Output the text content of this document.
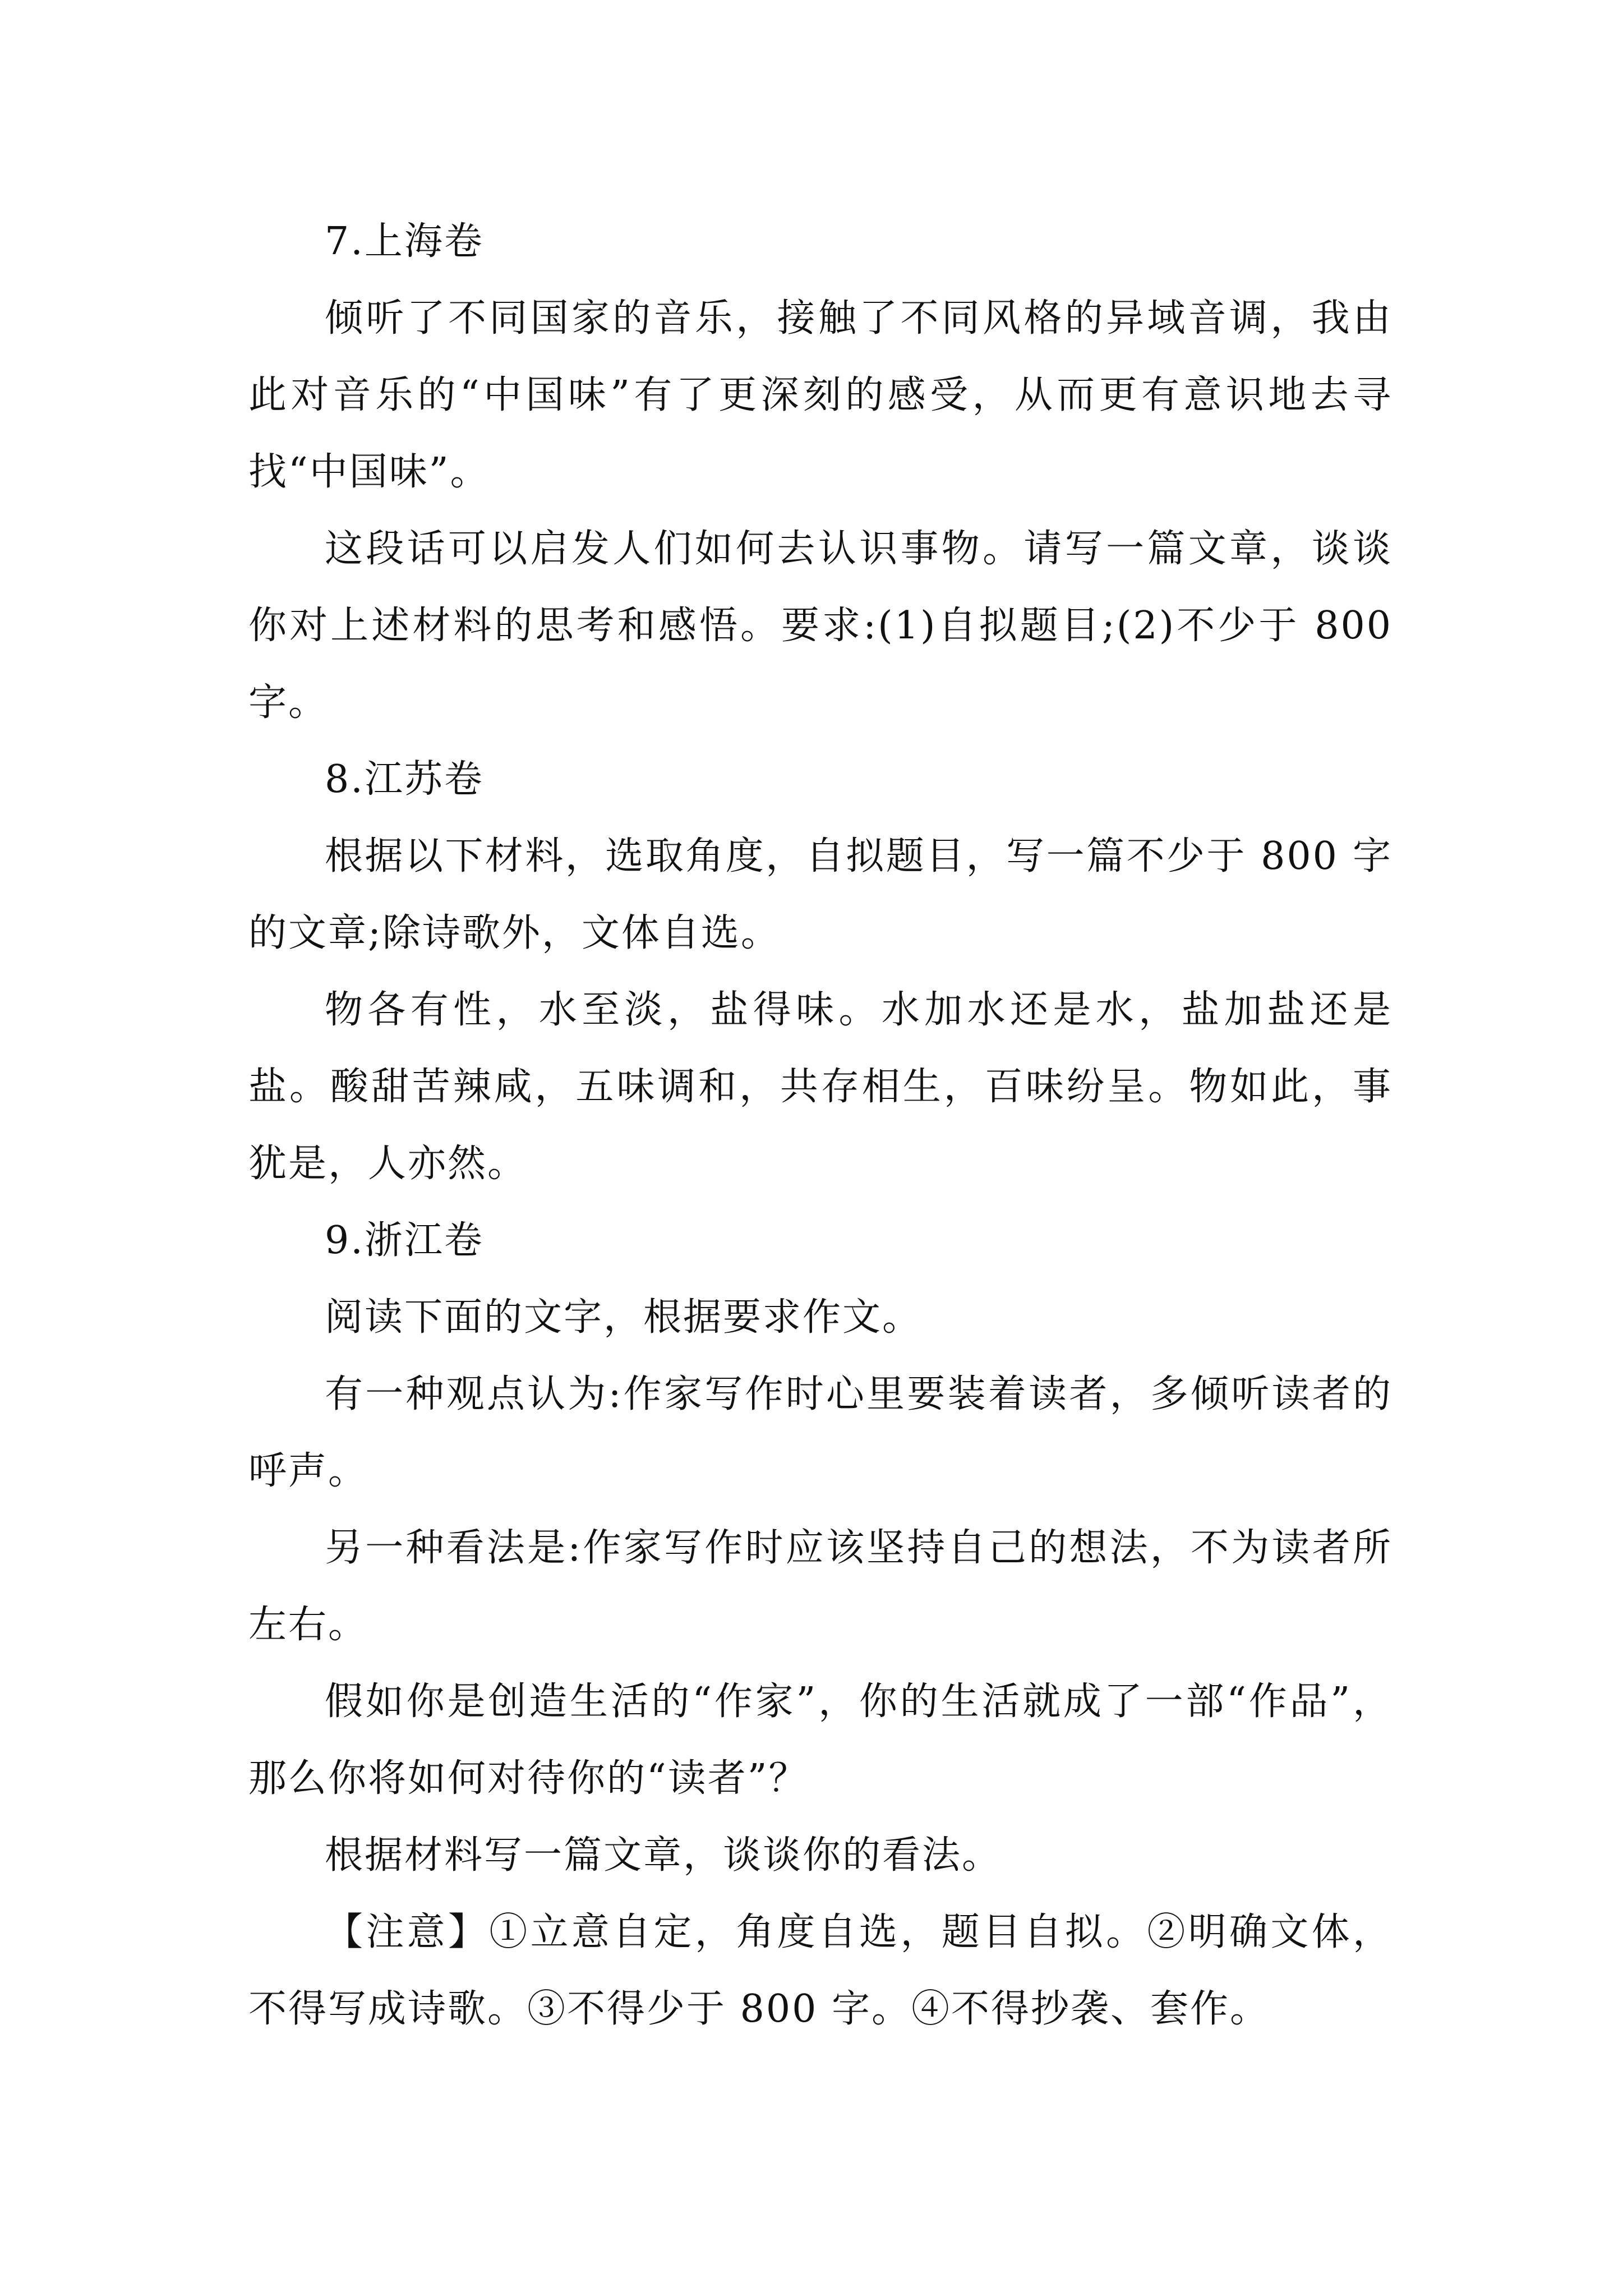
7.上海卷

倾听了不同国家的音乐，接触了不同风格的异域音调，我由此对音乐的“中国味”有了更深刻的感受，从而更有意识地去寻找“中国味”。

这段话可以启发人们如何去认识事物。请写一篇文章，谈谈你对上述材料的思考和感悟。要求:(1)自拟题目;(2)不少于 800 字。

8.江苏卷

根据以下材料，选取角度，自拟题目，写一篇不少于 800 字的文章;除诗歌外，文体自选。

物各有性，水至淡，盐得味。水加水还是水，盐加盐还是盐。酸甜苦辣咸，五味调和，共存相生，百味纷呈。物如此，事犹是，人亦然。

9.浙江卷

阅读下面的文字，根据要求作文。

有一种观点认为:作家写作时心里要装着读者，多倾听读者的呼声。

另一种看法是:作家写作时应该坚持自己的想法，不为读者所左右。

假如你是创造生活的“作家”，你的生活就成了一部“作品”，那么你将如何对待你的“读者”？

根据材料写一篇文章，谈谈你的看法。

【注意】①立意自定，角度自选，题目自拟。②明确文体，不得写成诗歌。③不得少于 800 字。④不得抄袭、套作。
